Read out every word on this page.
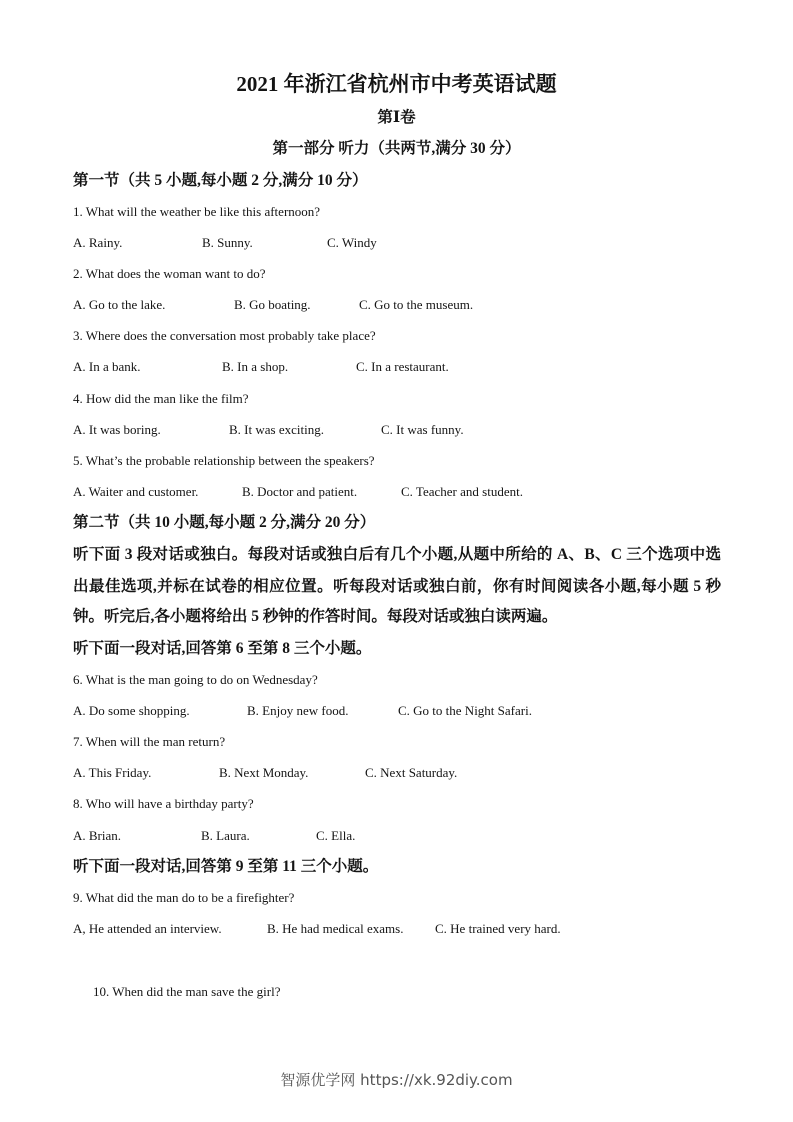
2021 年浙江省杭州市中考英语试题
第Ⅰ卷
第一部分 听力（共两节,满分 30 分）
第一节（共 5 小题,每小题 2 分,满分 10 分）
1. What will the weather be like this afternoon?
A. Rainy.	B. Sunny.	C. Windy
2. What does the woman want to do?
A. Go to the lake.	B. Go boating.	C. Go to the museum.
3. Where does the conversation most probably take place?
A. In a bank.	B. In a shop.	C. In a restaurant.
4. How did the man like the film?
A. It was boring.	B. It was exciting.	C. It was funny.
5. What’s the probable relationship between the speakers?
A. Waiter and customer.	B. Doctor and patient.	C. Teacher and student.
第二节（共 10 小题,每小题 2 分,满分 20 分）
听下面 3 段对话或独白。每段对话或独白后有几个小题,从题中所给的 A、B、C 三个选项中选
出最佳选项,并标在试卷的相应位置。听每段对话或独白前，你有时间阅读各小题,每小题 5 秒
钟。听完后,各小题将给出 5 秒钟的作答时间。每段对话或独白读两遍。
听下面一段对话,回答第 6 至第 8 三个小题。
6. What is the man going to do on Wednesday?
A. Do some shopping.	B. Enjoy new food.	C. Go to the Night Safari.
7. When will the man return?
A. This Friday.	B. Next Monday.	C. Next Saturday.
8. Who will have a birthday party?
A. Brian.	B. Laura.	C. Ella.
听下面一段对话,回答第 9 至第 11 三个小题。
9. What did the man do to be a firefighter?
A, He attended an interview.	B. He had medical exams. C. He trained very hard.
10. When did the man save the girl?
智源优学网 https://xk.92diy.com
